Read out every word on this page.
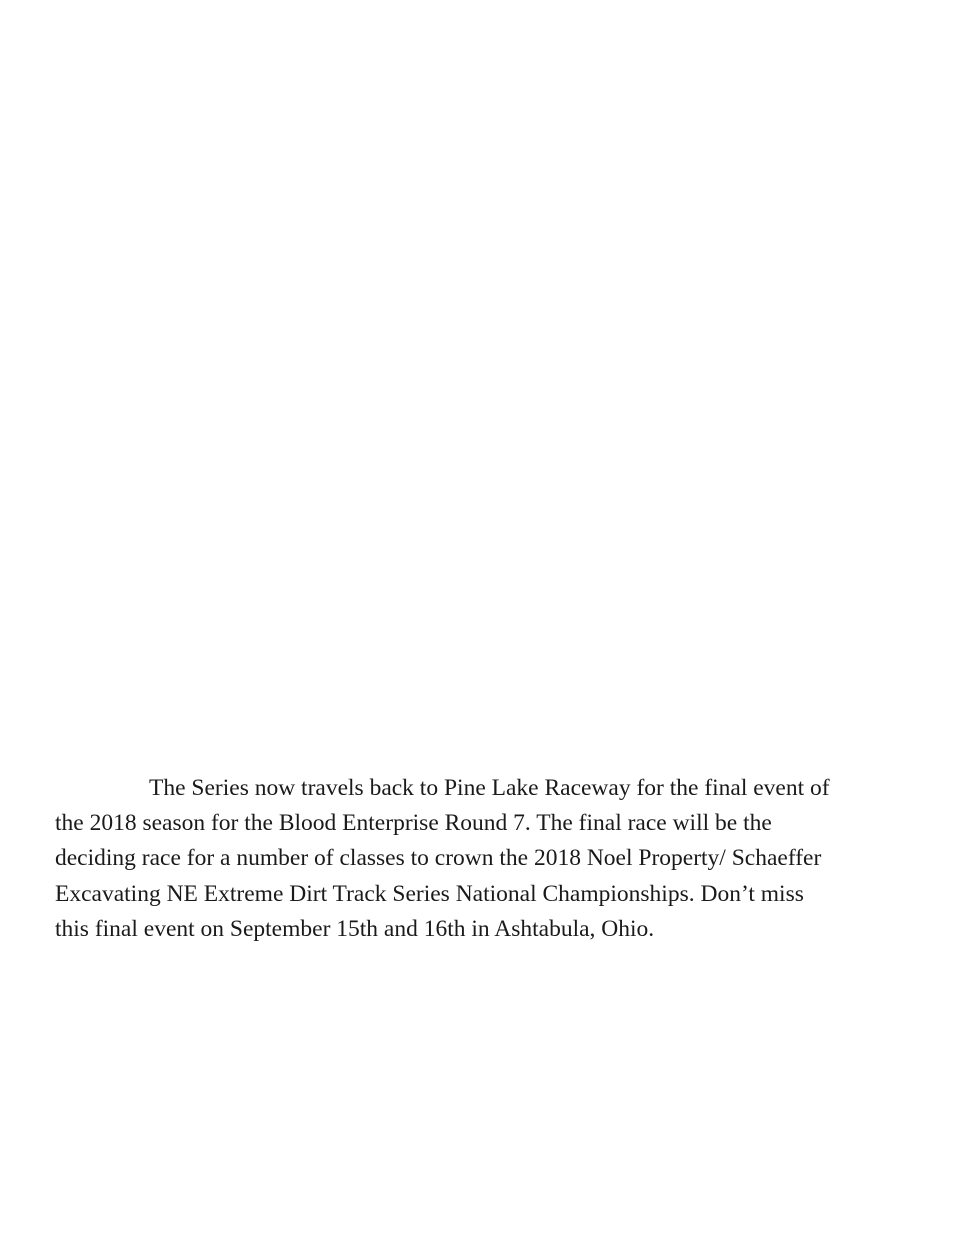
The Series now travels back to Pine Lake Raceway for the final event of
the 2018 season for the Blood Enterprise Round 7. The final race will be the
deciding race for a number of classes to crown the 2018 Noel Property/ Schaeffer
Excavating NE Extreme Dirt Track Series National Championships. Don’t miss
this final event on September 15th and 16th in Ashtabula, Ohio.
